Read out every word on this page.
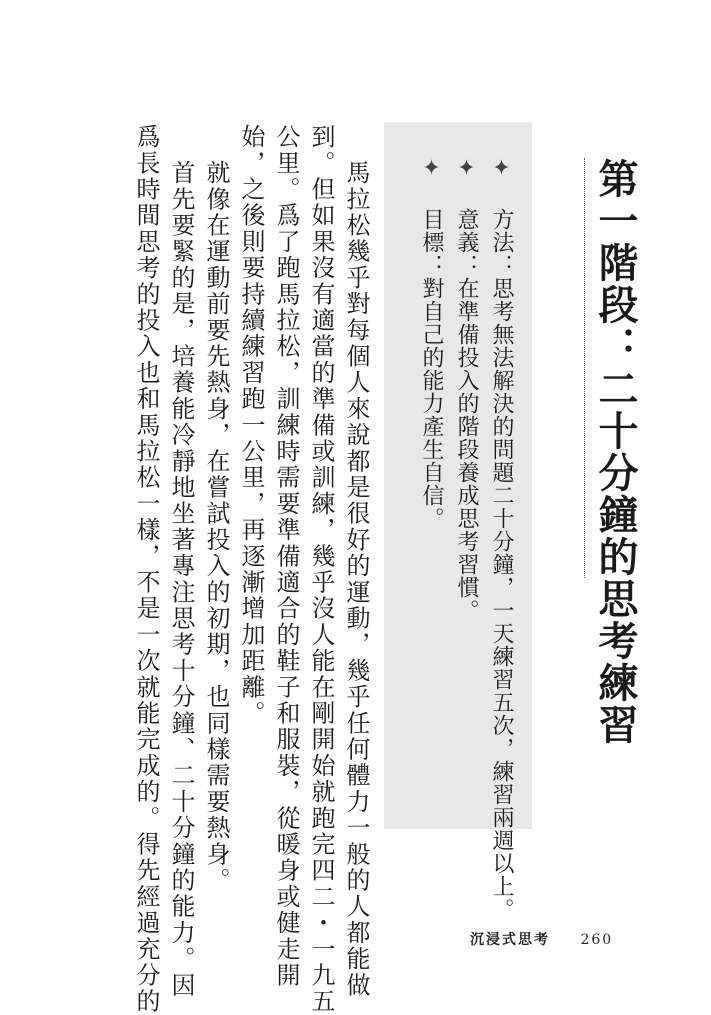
第一階段：二十分鐘的思考練習
✦ 方法：思考無法解決的問題二十分鐘，一天練習五次，練習兩週以上。
✦ 意義：在準備投入的階段養成思考習慣。
✦ 目標：對自己的能力產生自信。
馬拉松幾乎對每個人來說都是很好的運動，幾乎任何體力一般的人都能做
到。但如果沒有適當的準備或訓練，幾乎沒人能在剛開始就跑完四二・一九五
公里。爲了跑馬拉松，訓練時需要準備適合的鞋子和服裝，從暖身或健走開
始，之後則要持續練習跑一公里，再逐漸增加距離。
就像在運動前要先熱身，在嘗試投入的初期，也同樣需要熱身。
首先要緊的是，培養能冷靜地坐著專注思考十分鐘、二十分鐘的能力。因
爲長時間思考的投入也和馬拉松一樣，不是一次就能完成的。得先經過充分的	沉浸式思考 260
